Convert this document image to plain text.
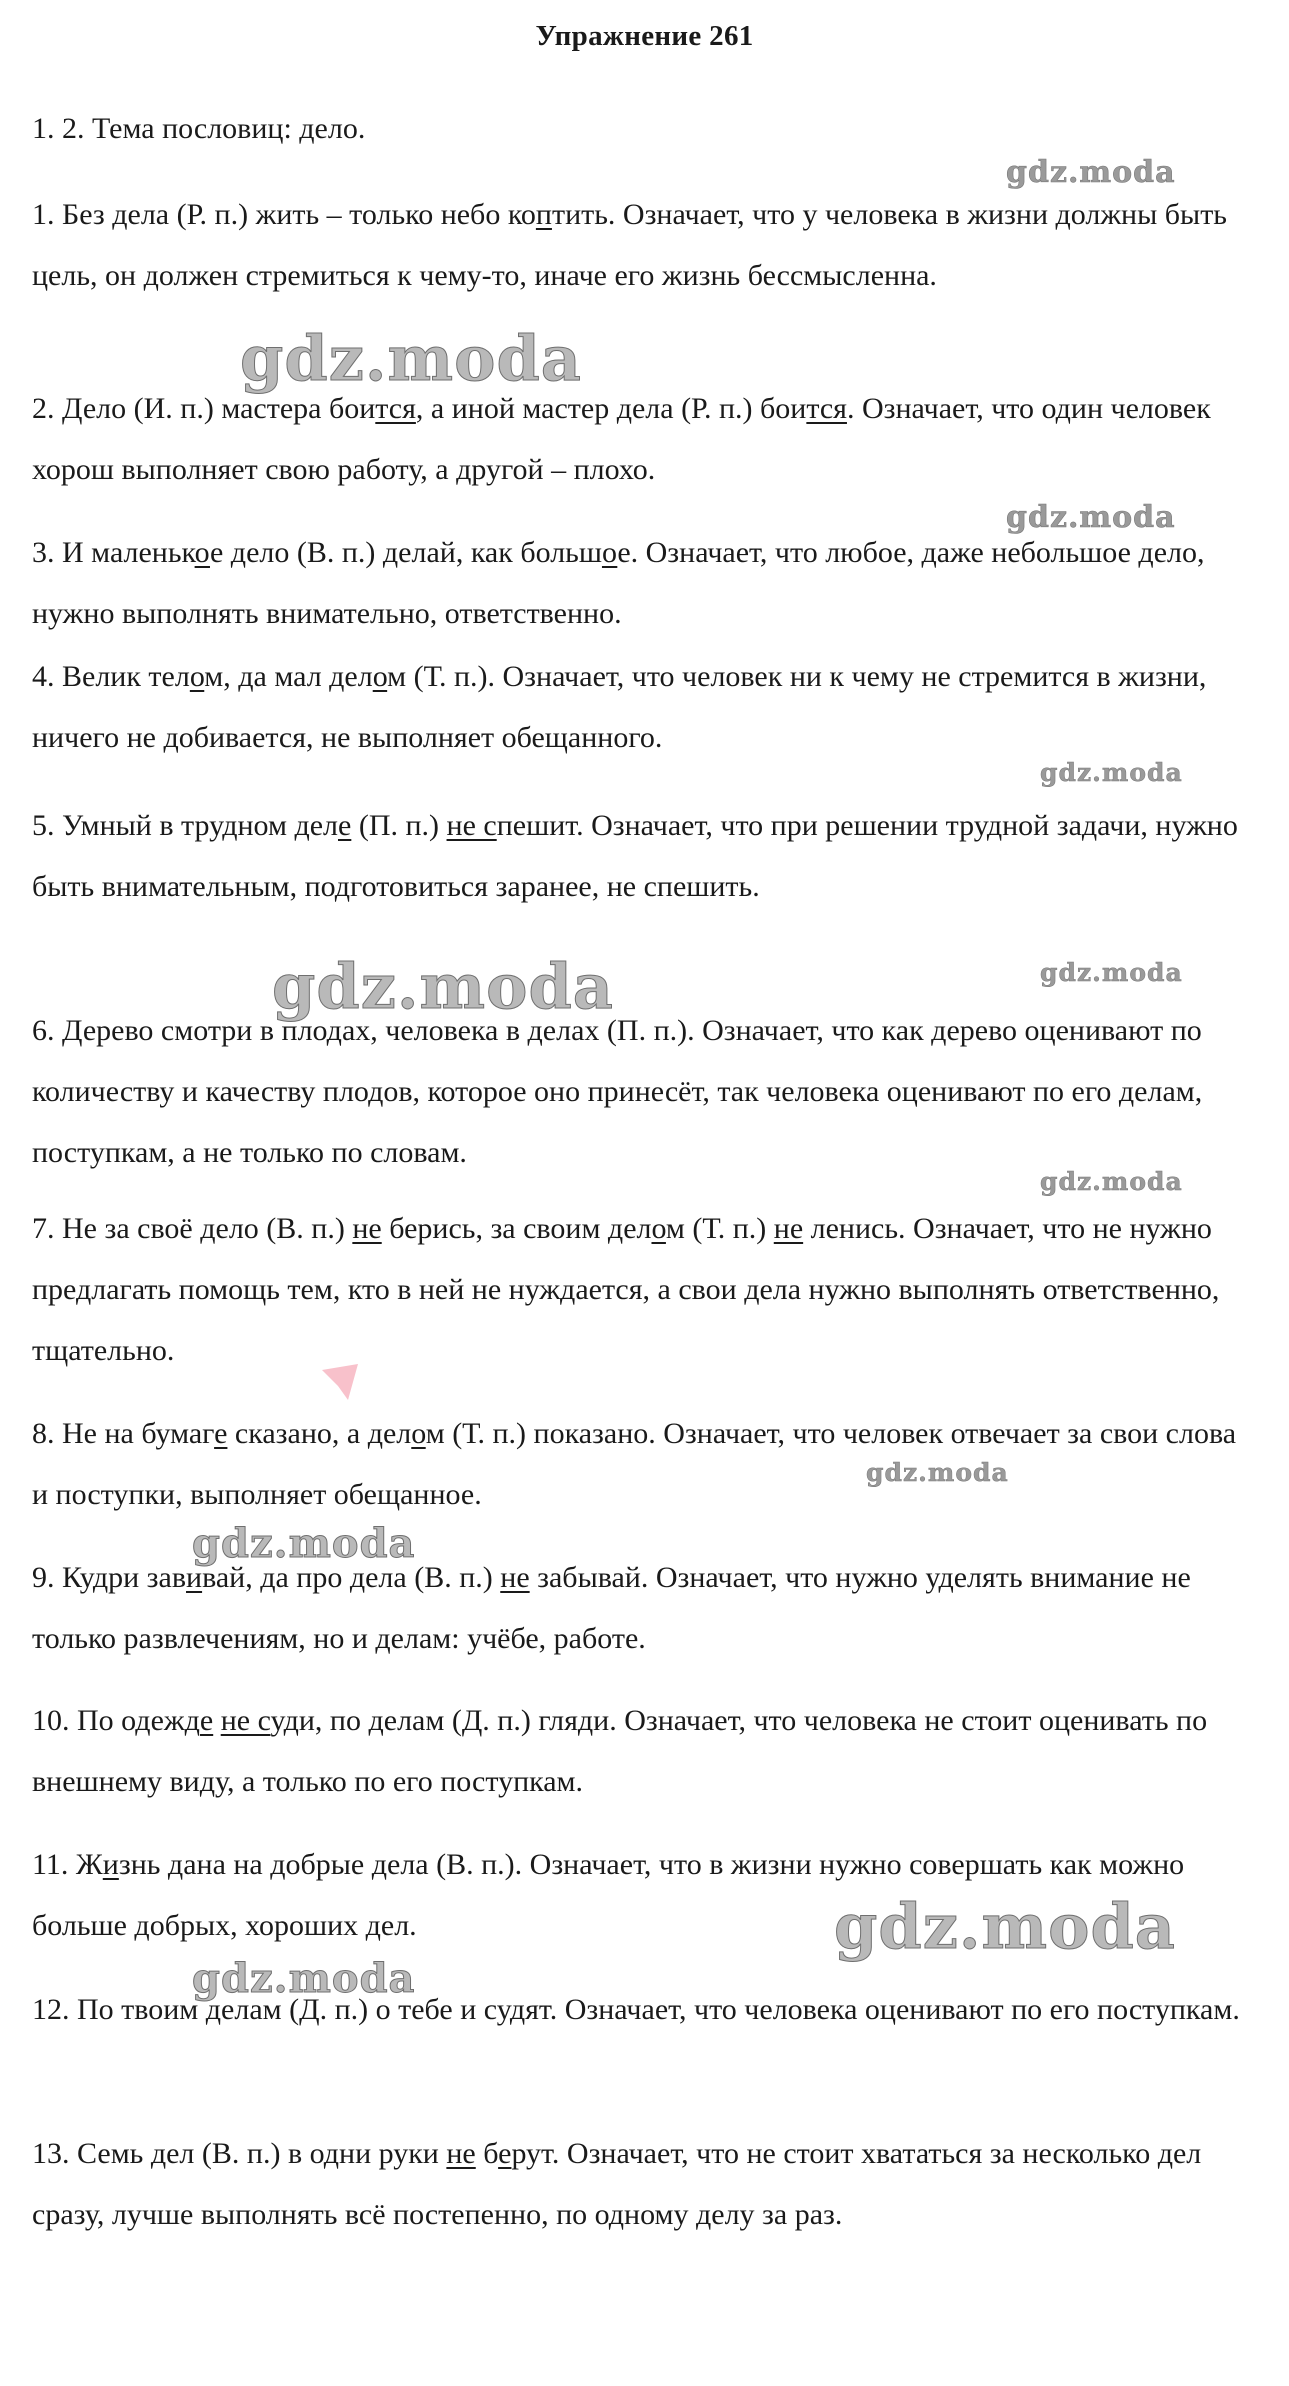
Упражнение 261

1. 2. Тема пословиц: дело.

1. Без дела (Р. п.) жить – только небо коптить. Означает, что у человека в жизни должны быть цель, он должен стремиться к чему-то, иначе его жизнь бессмысленна.

2. Дело (И. п.) мастера боится, а иной мастер дела (Р. п.) боится. Означает, что один человек хорош выполняет свою работу, а другой – плохо.

3. И маленькое дело (В. п.) делай, как большое. Означает, что любое, даже небольшое дело, нужно выполнять внимательно, ответственно.

4. Велик телом, да мал делом (Т. п.). Означает, что человек ни к чему не стремится в жизни, ничего не добивается, не выполняет обещанного.

5. Умный в трудном деле (П. п.) не спешит. Означает, что при решении трудной задачи, нужно быть внимательным, подготовиться заранее, не спешить.

6. Дерево смотри в плодах, человека в делах (П. п.). Означает, что как дерево оценивают по количеству и качеству плодов, которое оно принесёт, так человека оценивают по его делам, поступкам, а не только по словам.

7. Не за своё дело (В. п.) не берись, за своим делом (Т. п.) не ленись. Означает, что не нужно предлагать помощь тем, кто в ней не нуждается, а свои дела нужно выполнять ответственно, тщательно.

8. Не на бумаге сказано, а делом (Т. п.) показано. Означает, что человек отвечает за свои слова и поступки, выполняет обещанное.

9. Кудри завивай, да про дела (В. п.) не забывай. Означает, что нужно уделять внимание не только развлечениям, но и делам: учёбе, работе.

10. По одежде не суди, по делам (Д. п.) гляди. Означает, что человека не стоит оценивать по внешнему виду, а только по его поступкам.

11. Жизнь дана на добрые дела (В. п.). Означает, что в жизни нужно совершать как можно больше добрых, хороших дел.

12. По твоим делам (Д. п.) о тебе и судят. Означает, что человека оценивают по его поступкам.

13. Семь дел (В. п.) в одни руки не берут. Означает, что не стоит хвататься за несколько дел сразу, лучше выполнять всё постепенно, по одному делу за раз.

gdz.moda
gdz.moda
gdz.moda
gdz.moda
gdz.moda	gdz.moda
gdz.moda
gdz.moda
gdz.moda
gdz.moda
gdz.moda
